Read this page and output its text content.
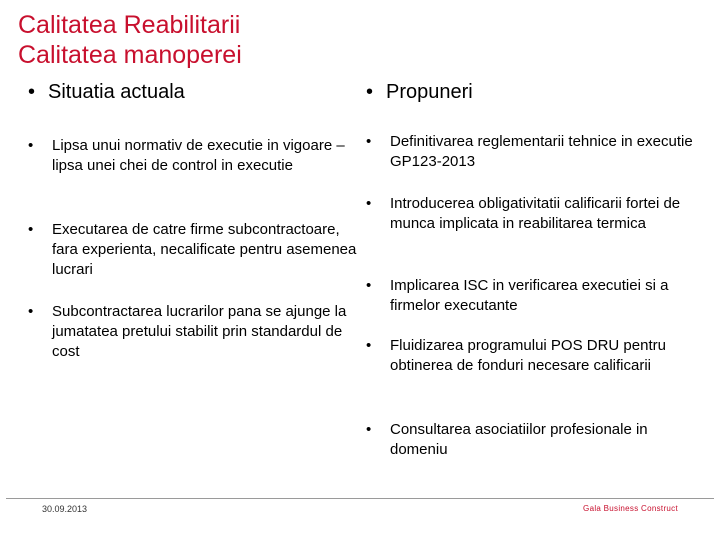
Calitatea Reabilitarii
Calitatea manoperei
• Situatia actuala
• Lipsa unui normativ de executie in vigoare – lipsa unei chei de control in executie
• Executarea de catre firme subcontractoare, fara experienta, necalificate pentru asemenea lucrari
• Subcontractarea lucrarilor pana se ajunge la jumatatea pretului stabilit prin standardul de cost
• Propuneri
• Definitivarea reglementarii tehnice in executie GP123-2013
• Introducerea obligativitatii calificarii fortei de munca implicata in reabilitarea termica
• Implicarea ISC in verificarea executiei si a firmelor executante
• Fluidizarea programului POS DRU pentru obtinerea de fonduri necesare calificarii
• Consultarea asociatiilor profesionale in domeniu
30.09.2013	Gala Business Construct
